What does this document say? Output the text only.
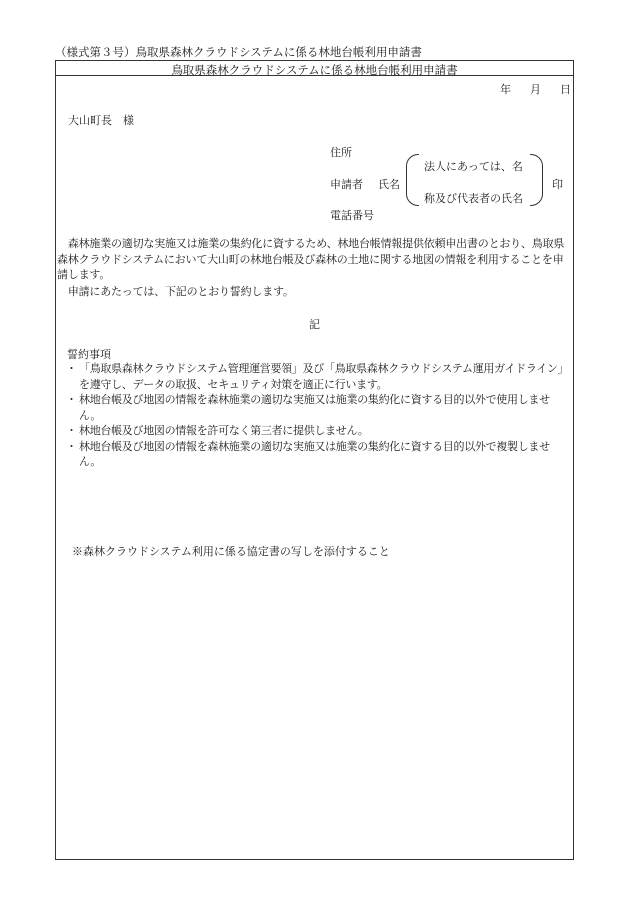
（様式第３号）鳥取県森林クラウドシステムに係る林地台帳利用申請書
鳥取県森林クラウドシステムに係る林地台帳利用申請書
年 月 日
大山町長　様
住所
申請者 氏名
電話番号
法人にあっては、名
称及び代表者の氏名
印
　森林施業の適切な実施又は施業の集約化に資するため、林地台帳情報提供依頼申出書のとおり、鳥取県森林クラウドシステムにおいて大山町の林地台帳及び森林の土地に関する地図の情報を利用することを申請します。
　申請にあたっては、下記のとおり誓約します。
記
誓約事項
・ 「鳥取県森林クラウドシステム管理運営要領」及び「鳥取県森林クラウドシステム運用ガイドライン」を遵守し、データの取扱、セキュリティ対策を適正に行います。
・ 林地台帳及び地図の情報を森林施業の適切な実施又は施業の集約化に資する目的以外で使用しません。
・ 林地台帳及び地図の情報を許可なく第三者に提供しません。
・ 林地台帳及び地図の情報を森林施業の適切な実施又は施業の集約化に資する目的以外で複製しません。
※森林クラウドシステム利用に係る協定書の写しを添付すること
